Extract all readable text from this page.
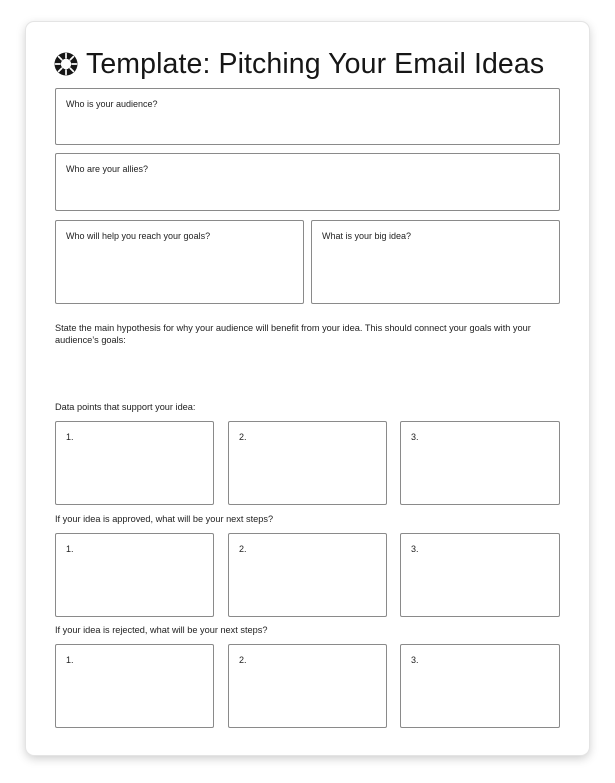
Template: Pitching Your Email Ideas
Who is your audience?
Who are your allies?
Who will help you reach your goals?	What is your big idea?
State the main hypothesis for why your audience will benefit from your idea. This should connect your goals with your audience’s goals:
Data points that support your idea:
1.	2.	3.
If your idea is approved, what will be your next steps?
1.	2.	3.
If your idea is rejected, what will be your next steps?
1.	2.	3.
